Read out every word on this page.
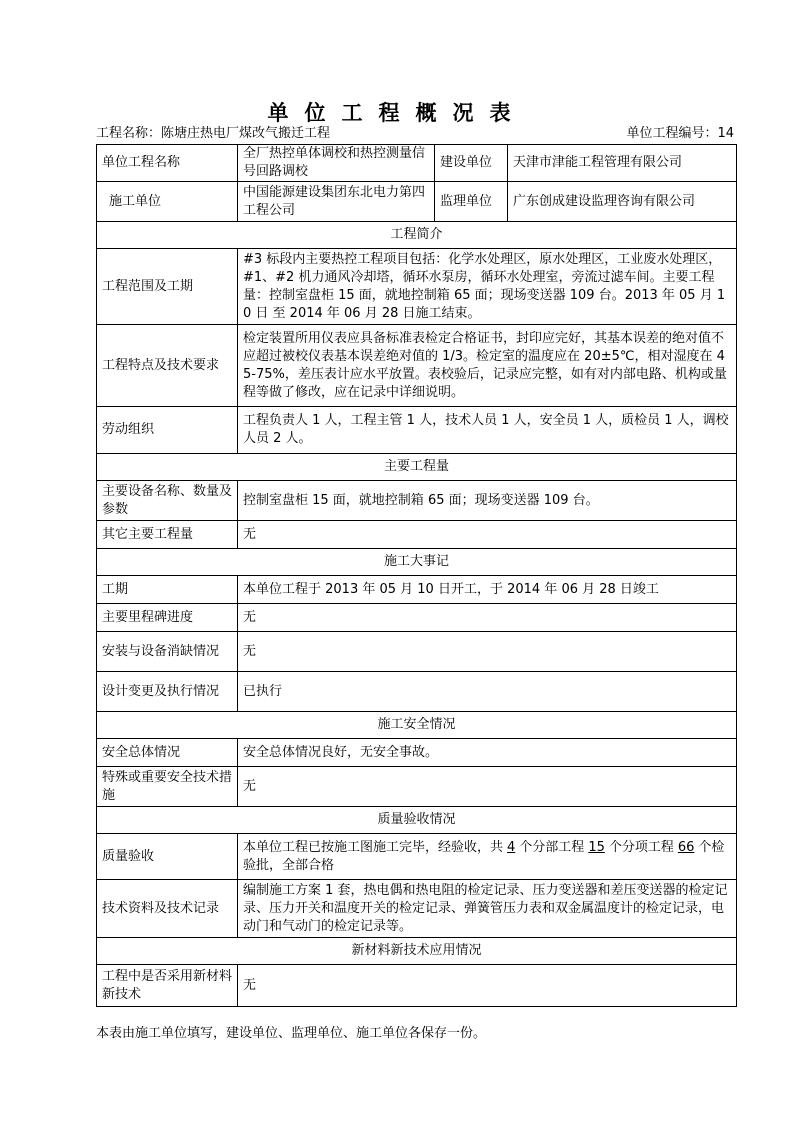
单位工程概况表
工程名称：陈塘庄热电厂煤改气搬迁工程	单位工程编号：14
单位工程名称	全厂热控单体调校和热控测量信号回路调校	建设单位	天津市津能工程管理有限公司
施工单位	中国能源建设集团东北电力第四工程公司	监理单位	广东创成建设监理咨询有限公司
工程简介			
工程范围及工期	#3 标段内主要热控工程项目包括：化学水处理区，原水处理区，工业废水处理区，#1、#2 机力通风冷却塔，循环水泵房，循环水处理室，旁流过滤车间。主要工程量：控制室盘柜 15 面，就地控制箱 65 面；现场变送器 109 台。2013 年 05 月 10 日 至 2014 年 06 月 28 日施工结束。		
工程特点及技术要求	检定装置所用仪表应具备标准表检定合格证书，封印应完好，其基本误差的绝对值不应超过被校仪表基本误差绝对值的 1/3。检定室的温度应在 20±5℃，相对湿度在 45-75%，差压表计应水平放置。表校验后，记录应完整，如有对内部电路、机构或量程等做了修改，应在记录中详细说明。		
劳动组织	工程负责人 1 人，工程主管 1 人，技术人员 1 人，安全员 1 人，质检员 1 人，调校人员 2 人。		
主要工程量			
主要设备名称、数量及参数	控制室盘柜 15 面，就地控制箱 65 面；现场变送器 109 台。		
其它主要工程量	无		
施工大事记			
工期	本单位工程于 2013 年 05 月 10 日开工，于 2014 年 06 月 28 日竣工		
主要里程碑进度	无		
安装与设备消缺情况	无		
设计变更及执行情况	已执行		
施工安全情况			
安全总体情况	安全总体情况良好，无安全事故。		
特殊或重要安全技术措施	无		
质量验收情况			
质量验收	本单位工程已按施工图施工完毕，经验收，共 4 个分部工程 15 个分项工程 66 个检验批，全部合格		
技术资料及技术记录	编制施工方案 1 套，热电偶和热电阻的检定记录、压力变送器和差压变送器的检定记录、压力开关和温度开关的检定记录、弹簧管压力表和双金属温度计的检定记录，电动门和气动门的检定记录等。		
新材料新技术应用情况			
工程中是否采用新材料新技术	无		
本表由施工单位填写，建设单位、监理单位、施工单位各保存一份。
